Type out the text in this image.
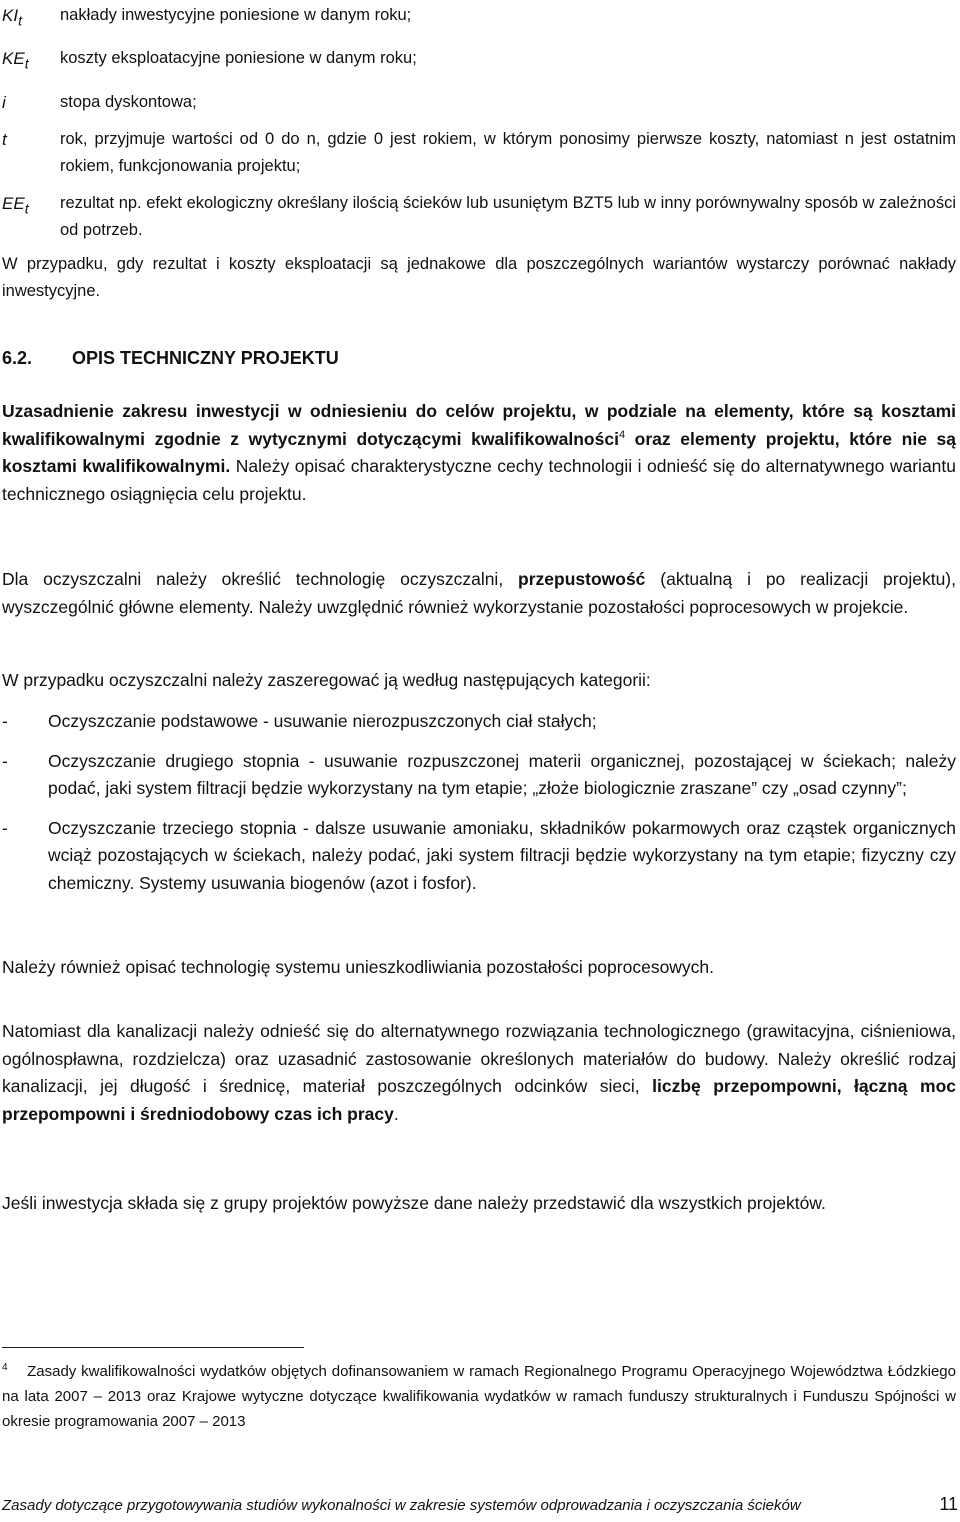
$KI_t$	nakłady inwestycyjne poniesione w danym roku;
$KE_t$	koszty eksploatacyjne poniesione w danym roku;
i	stopa dyskontowa;
t	rok, przyjmuje wartości od 0 do n, gdzie 0 jest rokiem, w którym ponosimy pierwsze koszty, natomiast n jest ostatnim rokiem, funkcjonowania projektu;
$EE_t$	rezultat np. efekt ekologiczny określany ilością ścieków lub usuniętym BZT5 lub w inny porównywalny sposób w zależności od potrzeb.

W przypadku, gdy rezultat i koszty eksploatacji są jednakowe dla poszczególnych wariantów wystarczy porównać nakłady inwestycyjne.

6.2. OPIS TECHNICZNY PROJEKTU

Uzasadnienie zakresu inwestycji w odniesieniu do celów projektu, w podziale na elementy, które są kosztami kwalifikowalnymi zgodnie z wytycznymi dotyczącymi kwalifikowalności$^4$ oraz elementy projektu, które nie są kosztami kwalifikowalnymi. Należy opisać charakterystyczne cechy technologii i odnieść się do alternatywnego wariantu technicznego osiągnięcia celu projektu.

Dla oczyszczalni należy określić technologię oczyszczalni, przepustowość (aktualną i po realizacji projektu), wyszczególnić główne elementy. Należy uwzględnić również wykorzystanie pozostałości poprocesowych w projekcie.

W przypadku oczyszczalni należy zaszeregować ją według następujących kategorii:

-	Oczyszczanie podstawowe - usuwanie nierozpuszczonych ciał stałych;
-	Oczyszczanie drugiego stopnia - usuwanie rozpuszczonej materii organicznej, pozostającej w ściekach; należy podać, jaki system filtracji będzie wykorzystany na tym etapie; „złoże biologicznie zraszane” czy „osad czynny”;
-	Oczyszczanie trzeciego stopnia - dalsze usuwanie amoniaku, składników pokarmowych oraz cząstek organicznych wciąż pozostających w ściekach, należy podać, jaki system filtracji będzie wykorzystany na tym etapie; fizyczny czy chemiczny. Systemy usuwania biogenów (azot i fosfor).

Należy również opisać technologię systemu unieszkodliwiania pozostałości poprocesowych.

Natomiast dla kanalizacji należy odnieść się do alternatywnego rozwiązania technologicznego (grawitacyjna, ciśnieniowa, ogólnospławna, rozdzielcza) oraz uzasadnić zastosowanie określonych materiałów do budowy. Należy określić rodzaj kanalizacji, jej długość i średnicę, materiał poszczególnych odcinków sieci, liczbę przepompowni, łączną moc przepompowni i średniodobowy czas ich pracy.

Jeśli inwestycja składa się z grupy projektów powyższe dane należy przedstawić dla wszystkich projektów.

$^4$ Zasady kwalifikowalności wydatków objętych dofinansowaniem w ramach Regionalnego Programu Operacyjnego Województwa Łódzkiego na lata 2007 – 2013 oraz Krajowe wytyczne dotyczące kwalifikowania wydatków w ramach funduszy strukturalnych i Funduszu Spójności w okresie programowania 2007 – 2013

Zasady dotyczące przygotowywania studiów wykonalności w zakresie systemów odprowadzania i oczyszczania ścieków	11
